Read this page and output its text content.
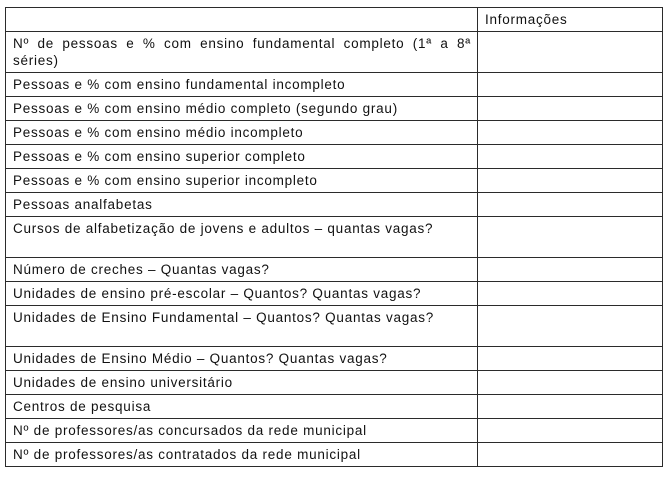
	Informações
Nº de pessoas e % com ensino fundamental completo (1ª a 8ª séries)	
Pessoas e % com ensino fundamental incompleto	
Pessoas e % com ensino médio completo (segundo grau)	
Pessoas e % com ensino médio incompleto	
Pessoas e % com ensino superior completo	
Pessoas e % com ensino superior incompleto	
Pessoas analfabetas	
Cursos de alfabetização de jovens e adultos – quantas vagas?	
Número de creches – Quantas vagas?	
Unidades de ensino pré-escolar – Quantos? Quantas vagas?	
Unidades de Ensino Fundamental – Quantos? Quantas vagas?	
Unidades de Ensino Médio – Quantos? Quantas vagas?	
Unidades de ensino universitário	
Centros de pesquisa	
Nº de professores/as concursados da rede municipal	
Nº de professores/as contratados da rede municipal	
